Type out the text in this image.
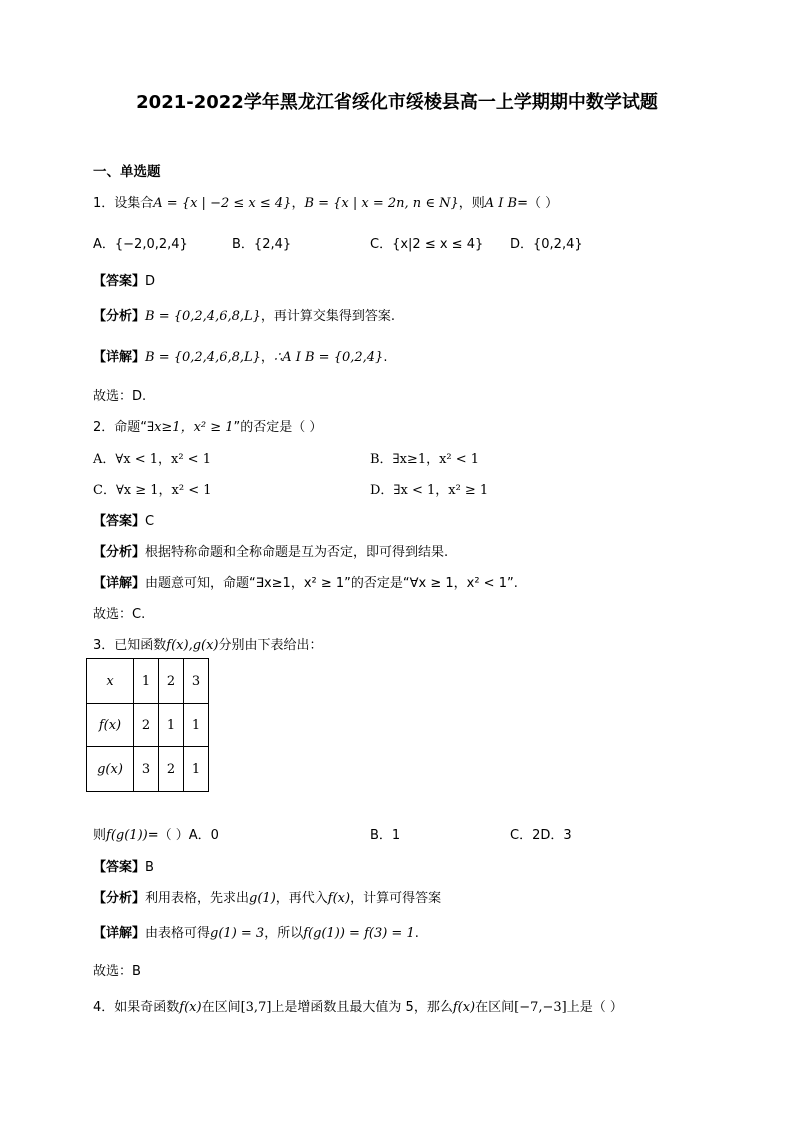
2021-2022学年黑龙江省绥化市绥棱县高一上学期期中数学试题
一、单选题
1．设集合A = {x | −2 ≤ x ≤ 4}，B = {x | x = 2n, n ∈ N}，则A I B=（ ）
A．{−2,0,2,4}	B．{2,4}	C．{x|2 ≤ x ≤ 4} D．{0,2,4}
【答案】D
【分析】B = {0,2,4,6,8,L}，再计算交集得到答案.
【详解】B = {0,2,4,6,8,L}，∴A I B = {0,2,4}.
故选：D.
2．命题“∃x≥1，x² ≥ 1”的否定是（ ）
A．∀x < 1，x² < 1	B．∃x≥1，x² < 1
C．∀x ≥ 1，x² < 1	D．∃x < 1，x² ≥ 1
【答案】C
【分析】根据特称命题和全称命题是互为否定，即可得到结果.
【详解】由题意可知，命题“∃x≥1，x² ≥ 1”的否定是“∀x ≥ 1，x² < 1”.
故选：C.
3．已知函数f(x),g(x)分别由下表给出：
x	1	2	3
f(x)	2	1	1
g(x)	3	2	1
则f(g(1))=（ ）A．0	B．1	C．2D．3
【答案】B
【分析】利用表格，先求出g(1)，再代入f(x)，计算可得答案
【详解】由表格可得g(1) = 3，所以f(g(1)) = f(3) = 1.
故选：B
4．如果奇函数f(x)在区间[3,7]上是增函数且最大值为 5，那么f(x)在区间[−7,−3]上是（ ）
